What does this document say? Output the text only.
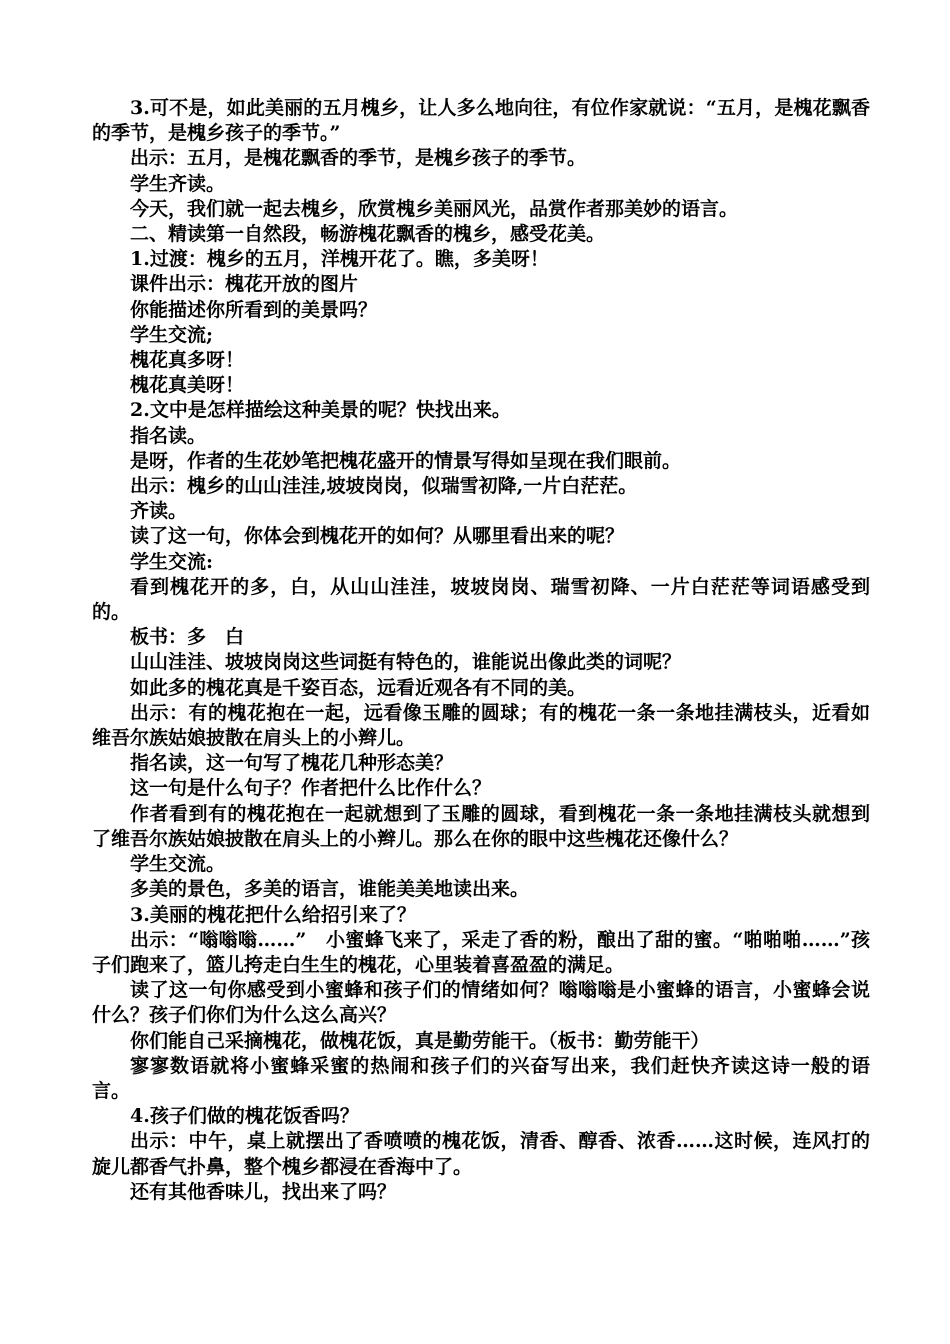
3.可不是，如此美丽的五月槐乡，让人多么地向往，有位作家就说：“五月，是槐花飘香的季节，是槐乡孩子的季节。”

出示：五月，是槐花飘香的季节，是槐乡孩子的季节。

学生齐读。

今天，我们就一起去槐乡，欣赏槐乡美丽风光，品赏作者那美妙的语言。

二、精读第一自然段，畅游槐花飘香的槐乡，感受花美。

1.过渡：槐乡的五月，洋槐开花了。瞧，多美呀！

课件出示：槐花开放的图片

你能描述你所看到的美景吗？

学生交流;

槐花真多呀！

槐花真美呀！

2.文中是怎样描绘这种美景的呢？快找出来。

指名读。

是呀，作者的生花妙笔把槐花盛开的情景写得如呈现在我们眼前。

出示：槐乡的山山洼洼,坡坡岗岗，似瑞雪初降,一片白茫茫。

齐读。

读了这一句，你体会到槐花开的如何？从哪里看出来的呢？

学生交流:

看到槐花开的多，白，从山山洼洼，坡坡岗岗、瑞雪初降、一片白茫茫等词语感受到的。

板书：多　白

山山洼洼、坡坡岗岗这些词挺有特色的，谁能说出像此类的词呢？

如此多的槐花真是千姿百态，远看近观各有不同的美。

出示：有的槐花抱在一起，远看像玉雕的圆球；有的槐花一条一条地挂满枝头，近看如维吾尔族姑娘披散在肩头上的小辫儿。

指名读，这一句写了槐花几种形态美？

这一句是什么句子？作者把什么比作什么？

作者看到有的槐花抱在一起就想到了玉雕的圆球，看到槐花一条一条地挂满枝头就想到了维吾尔族姑娘披散在肩头上的小辫儿。那么在你的眼中这些槐花还像什么？

学生交流。

多美的景色，多美的语言，谁能美美地读出来。

3.美丽的槐花把什么给招引来了？

出示：“嗡嗡嗡……”　小蜜蜂飞来了，采走了香的粉，酿出了甜的蜜。“啪啪啪……”孩子们跑来了，篮儿挎走白生生的槐花，心里装着喜盈盈的满足。

读了这一句你感受到小蜜蜂和孩子们的情绪如何？嗡嗡嗡是小蜜蜂的语言，小蜜蜂会说什么？孩子们你们为什么这么高兴？

你们能自己采摘槐花，做槐花饭，真是勤劳能干。（板书：勤劳能干）

寥寥数语就将小蜜蜂采蜜的热闹和孩子们的兴奋写出来，我们赶快齐读这诗一般的语言。

4.孩子们做的槐花饭香吗？

出示：中午，桌上就摆出了香喷喷的槐花饭，清香、醇香、浓香……这时候，连风打的旋儿都香气扑鼻，整个槐乡都浸在香海中了。

还有其他香味儿，找出来了吗？
